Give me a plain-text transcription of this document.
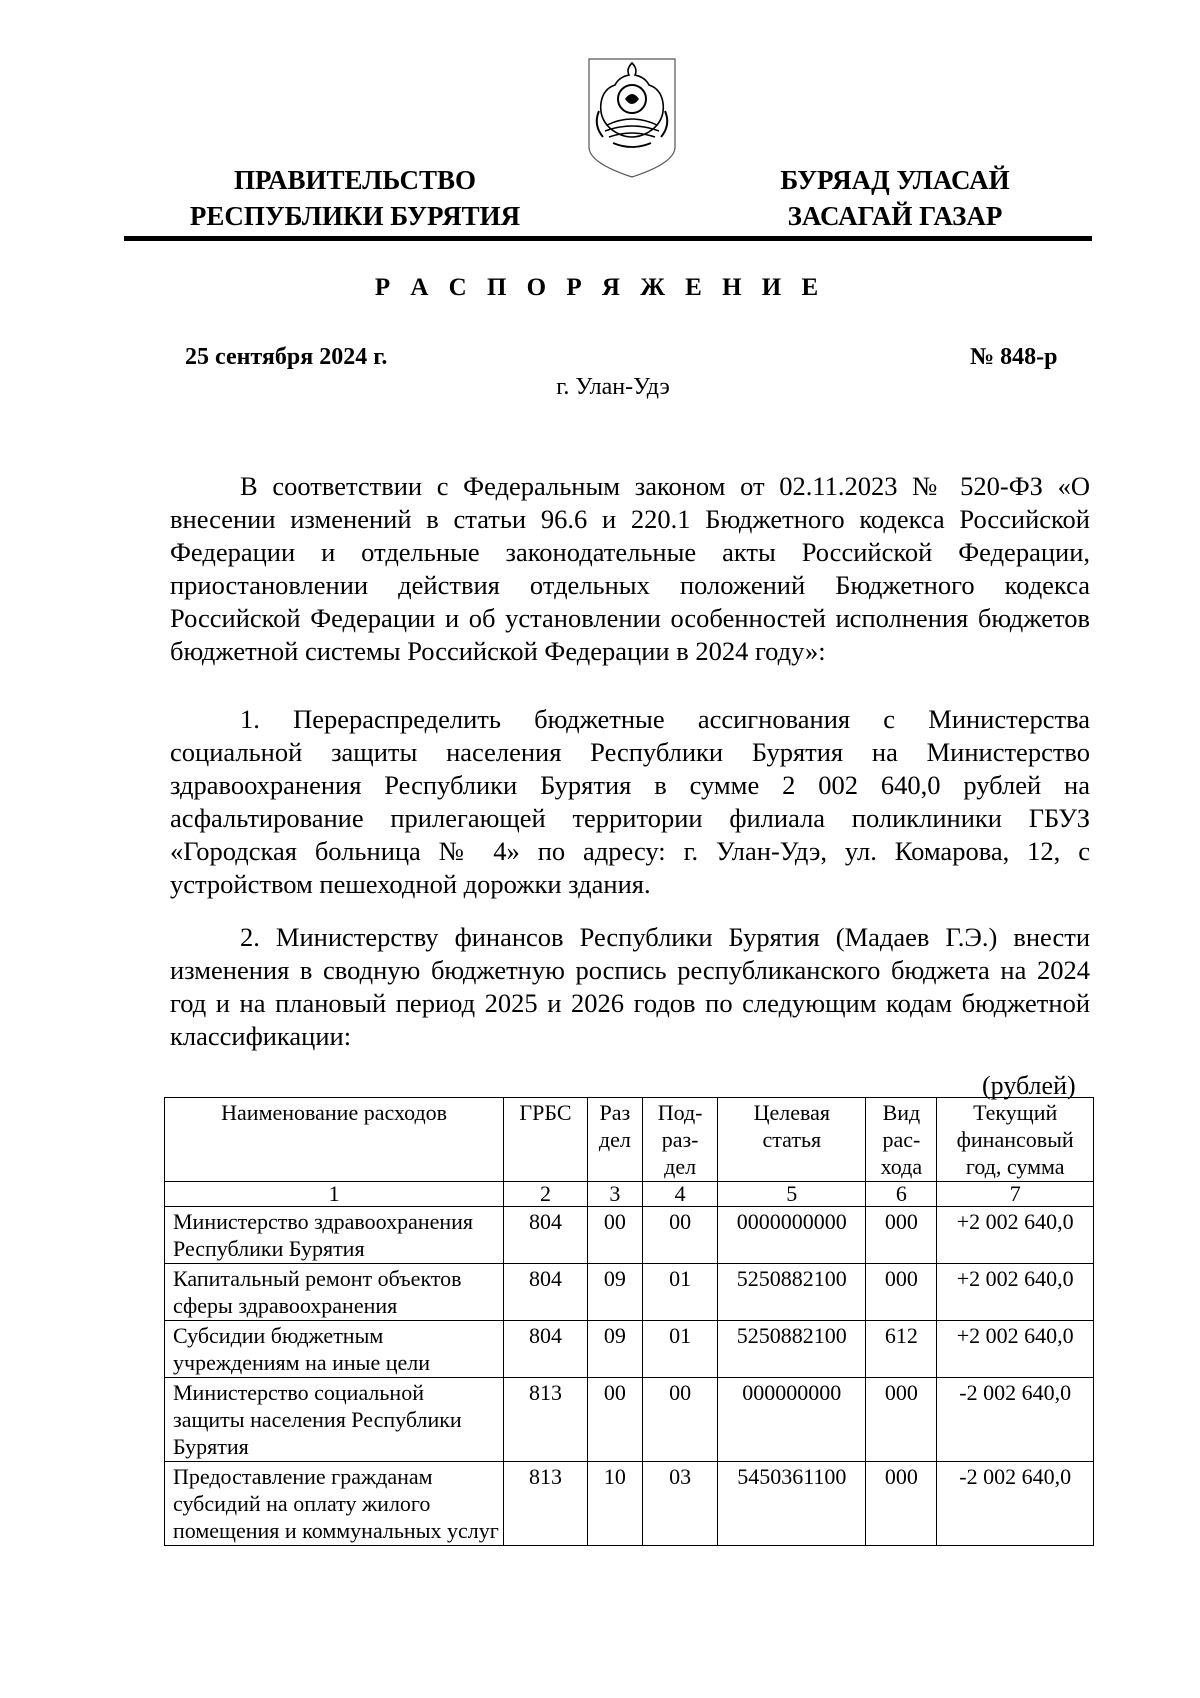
ПРАВИТЕЛЬСТВО
РЕСПУБЛИКИ БУРЯТИЯ
БУРЯАД УЛАСАЙ
ЗАСАГАЙ ГАЗАР
Р А С П О Р Я Ж Е Н И Е
25 сентября 2024 г.	№ 848-р
г. Улан-Удэ
В соответствии с Федеральным законом от 02.11.2023 № 520-ФЗ «О внесении изменений в статьи 96.6 и 220.1 Бюджетного кодекса Российской Федерации и отдельные законодательные акты Российской Федерации, приостановлении действия отдельных положений Бюджетного кодекса Российской Федерации и об установлении особенностей исполнения бюджетов бюджетной системы Российской Федерации в 2024 году»:
1. Перераспределить бюджетные ассигнования с Министерства социальной защиты населения Республики Бурятия на Министерство здравоохранения Республики Бурятия в сумме 2 002 640,0 рублей на асфальтирование прилегающей территории филиала поликлиники ГБУЗ «Городская больница № 4» по адресу: г. Улан-Удэ, ул. Комарова, 12, с устройством пешеходной дорожки здания.
2. Министерству финансов Республики Бурятия (Мадаев Г.Э.) внести изменения в сводную бюджетную роспись республиканского бюджета на 2024 год и на плановый период 2025 и 2026 годов по следующим кодам бюджетной классификации:
(рублей)
Наименование расходов	ГРБС	Раз дел	Под-раз-дел	Целевая статья	Вид рас-хода	Текущий финансовый год, сумма
1	2	3	4	5	6	7
Министерство здравоохранения Республики Бурятия	804	00	00	0000000000	000	+2 002 640,0
Капитальный ремонт объектов сферы здравоохранения	804	09	01	5250882100	000	+2 002 640,0
Субсидии бюджетным учреждениям на иные цели	804	09	01	5250882100	612	+2 002 640,0
Министерство социальной защиты населения Республики Бурятия	813	00	00	000000000	000	-2 002 640,0
Предоставление гражданам субсидий на оплату жилого помещения и коммунальных услуг	813	10	03	5450361100	000	-2 002 640,0
